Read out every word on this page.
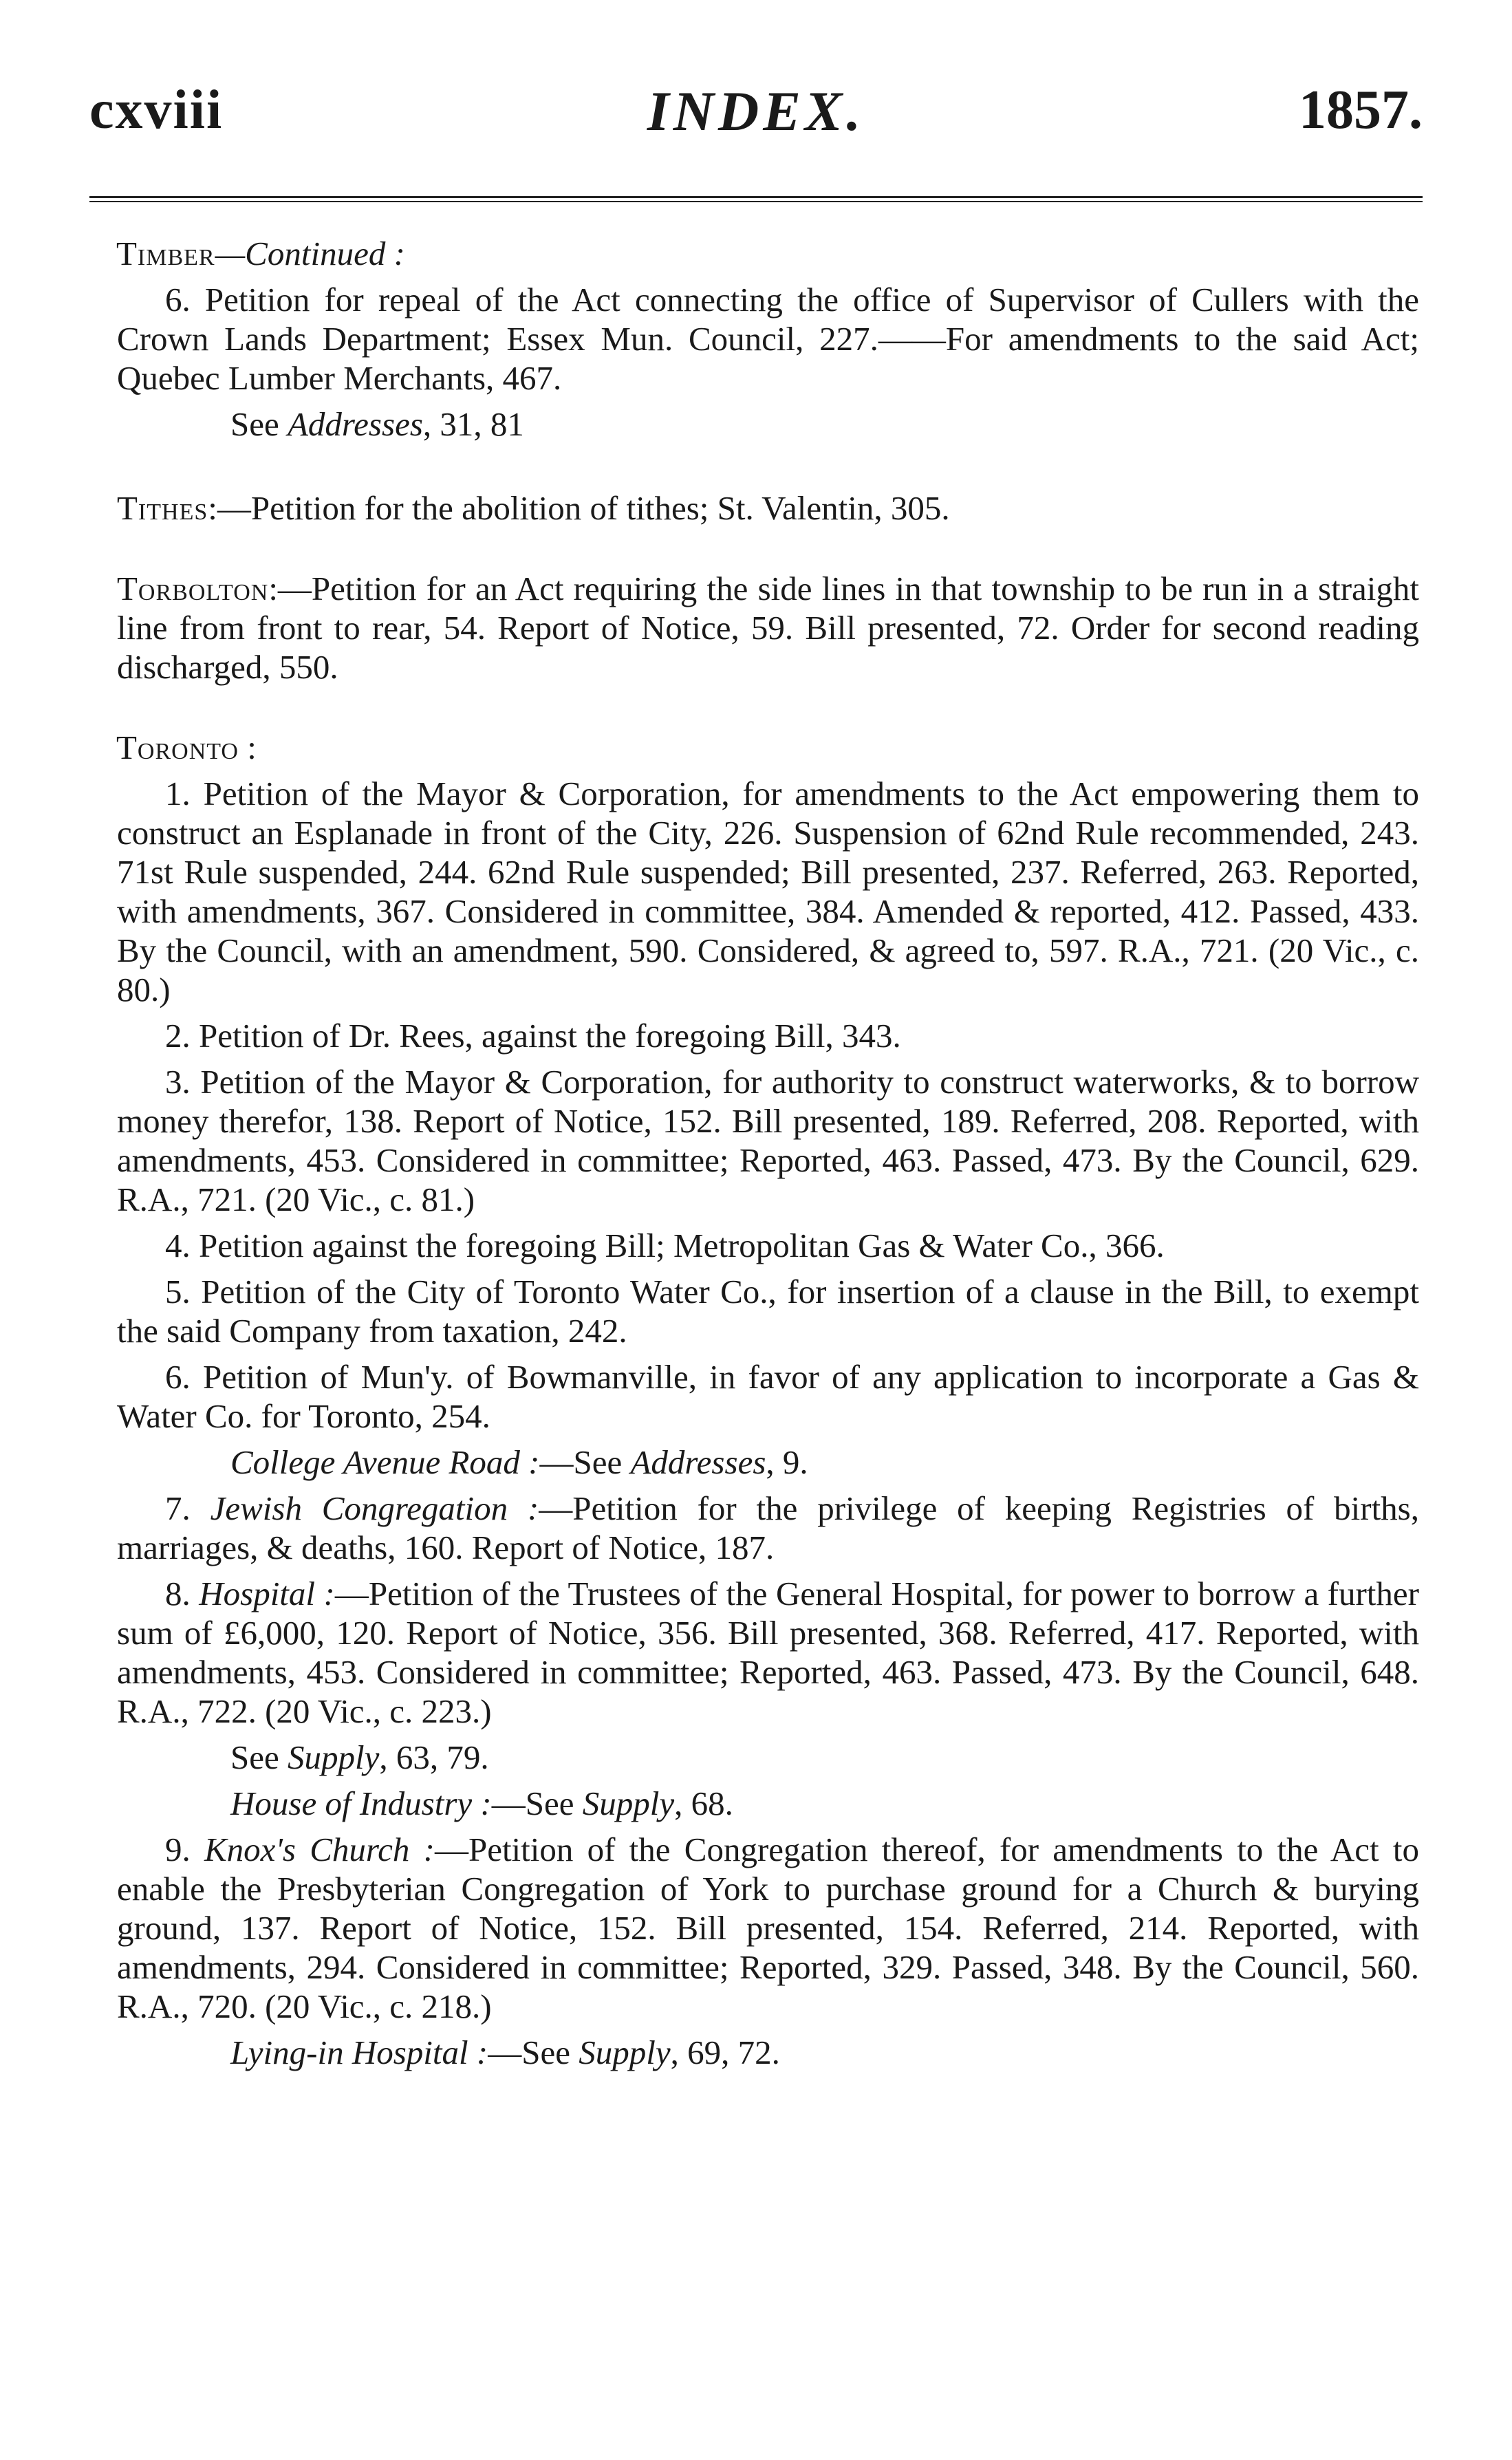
cxviii	INDEX.	1857.
Timber—Continued :

6. Petition for repeal of the Act connecting the office of Supervisor of Cullers with the Crown Lands Department; Essex Mun. Council, 227.——For amendments to the said Act; Quebec Lumber Merchants, 467.

See Addresses, 31, 81

Tithes:—Petition for the abolition of tithes; St. Valentin, 305.

Torbolton:—Petition for an Act requiring the side lines in that township to be run in a straight line from front to rear, 54. Report of Notice, 59. Bill presented, 72. Order for second reading discharged, 550.

Toronto :

1. Petition of the Mayor & Corporation, for amendments to the Act empowering them to construct an Esplanade in front of the City, 226. Suspension of 62nd Rule recommended, 243. 71st Rule suspended, 244. 62nd Rule suspended; Bill presented, 237. Referred, 263. Reported, with amendments, 367. Considered in committee, 384. Amended & reported, 412. Passed, 433. By the Council, with an amendment, 590. Considered, & agreed to, 597. R.A., 721. (20 Vic., c. 80.)

2. Petition of Dr. Rees, against the foregoing Bill, 343.

3. Petition of the Mayor & Corporation, for authority to construct waterworks, & to borrow money therefor, 138. Report of Notice, 152. Bill presented, 189. Referred, 208. Reported, with amendments, 453. Considered in committee; Reported, 463. Passed, 473. By the Council, 629. R.A., 721. (20 Vic., c. 81.)

4. Petition against the foregoing Bill; Metropolitan Gas & Water Co., 366.

5. Petition of the City of Toronto Water Co., for insertion of a clause in the Bill, to exempt the said Company from taxation, 242.

6. Petition of Mun'y. of Bowmanville, in favor of any application to incorporate a Gas & Water Co. for Toronto, 254.

College Avenue Road :—See Addresses, 9.

7. Jewish Congregation :—Petition for the privilege of keeping Registries of births, marriages, & deaths, 160. Report of Notice, 187.

8. Hospital :—Petition of the Trustees of the General Hospital, for power to borrow a further sum of £6,000, 120. Report of Notice, 356. Bill presented, 368. Referred, 417. Reported, with amendments, 453. Considered in committee; Reported, 463. Passed, 473. By the Council, 648. R.A., 722. (20 Vic., c. 223.)

See Supply, 63, 79.

House of Industry :—See Supply, 68.

9. Knox's Church :—Petition of the Congregation thereof, for amendments to the Act to enable the Presbyterian Congregation of York to purchase ground for a Church & burying ground, 137. Report of Notice, 152. Bill presented, 154. Referred, 214. Reported, with amendments, 294. Considered in committee; Reported, 329. Passed, 348. By the Council, 560. R.A., 720. (20 Vic., c. 218.)

Lying-in Hospital :—See Supply, 69, 72.
